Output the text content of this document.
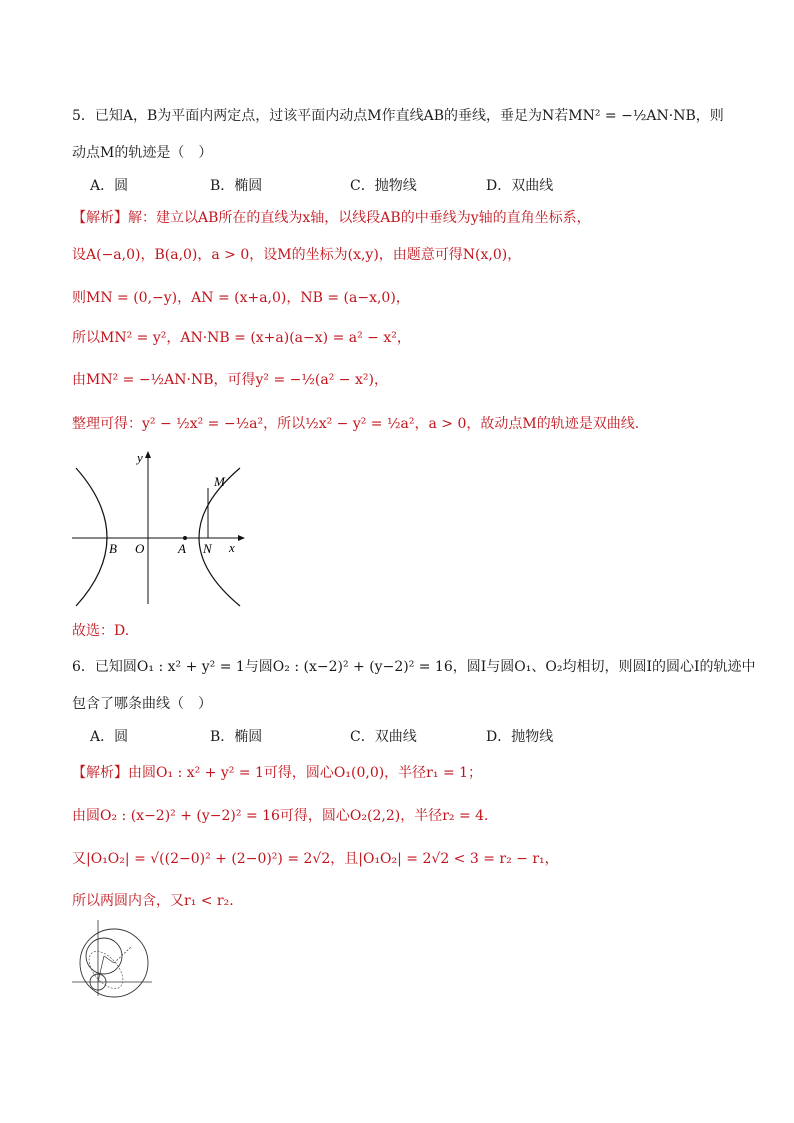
5．已知A，B为平面内两定点，过该平面内动点M作直线AB的垂线，垂足为N若MN² = −½AN·NB，则
动点M的轨迹是（　）
A．圆	B．椭圆	C．抛物线	D．双曲线
【解析】解：建立以AB所在的直线为x轴，以线段AB的中垂线为y轴的直角坐标系，
设A(−a,0)，B(a,0)，a > 0，设M的坐标为(x,y)，由题意可得N(x,0)，
则MN = (0,−y)，AN = (x+a,0)，NB = (a−x,0)，
所以MN² = y²，AN·NB = (x+a)(a−x) = a² − x²，
由MN² = −½AN·NB，可得y² = −½(a² − x²)，
整理可得：y² − ½x² = −½a²，所以½x² − y² = ½a²，a > 0，故动点M的轨迹是双曲线.
y
x
O
B	A N
M
故选：D.
6．已知圆O₁ : x² + y² = 1与圆O₂ : (x−2)² + (y−2)² = 16，圆I与圆O₁、O₂均相切，则圆I的圆心I的轨迹中
包含了哪条曲线（　）
A．圆	B．椭圆	C．双曲线	D．抛物线
【解析】由圆O₁ : x² + y² = 1可得，圆心O₁(0,0)，半径r₁ = 1；
由圆O₂ : (x−2)² + (y−2)² = 16可得，圆心O₂(2,2)，半径r₂ = 4.
又|O₁O₂| = √((2−0)² + (2−0)²) = 2√2，且|O₁O₂| = 2√2 < 3 = r₂ − r₁，
所以两圆内含，又r₁ < r₂.
